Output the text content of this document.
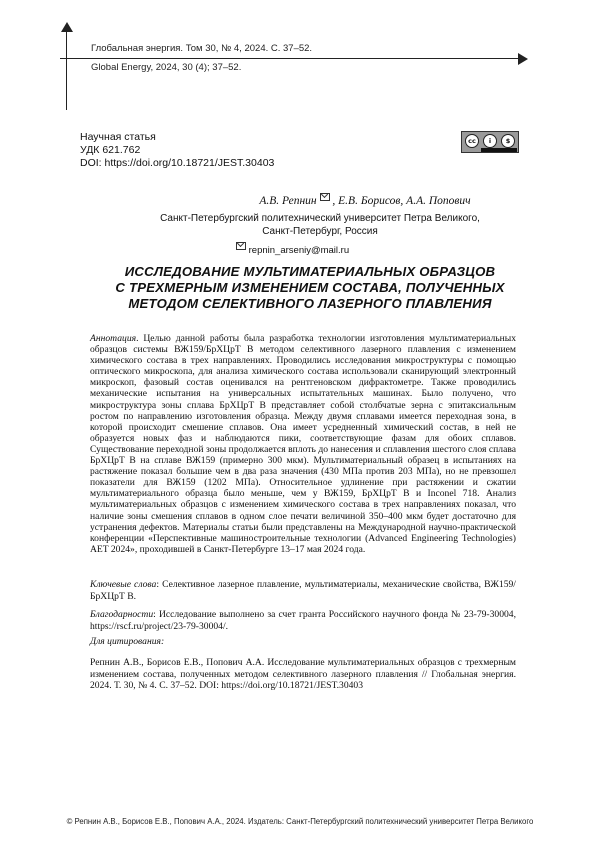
Глобальная энергия. Том 30, № 4, 2024. С. 37–52.
Global Energy, 2024, 30 (4); 37–52.
Научная статья
УДК 621.762
DOI: https://doi.org/10.18721/JEST.30403
cc	i	$
А.В. Репнин , Е.В. Борисов, А.А. Попович
Санкт-Петербургский политехнический университет Петра Великого,
Санкт-Петербург, Россия
repnin_arseniy@mail.ru
ИССЛЕДОВАНИЕ МУЛЬТИМАТЕРИАЛЬНЫХ ОБРАЗЦОВ
С ТРЕХМЕРНЫМ ИЗМЕНЕНИЕМ СОСТАВА, ПОЛУЧЕННЫХ
МЕТОДОМ СЕЛЕКТИВНОГО ЛАЗЕРНОГО ПЛАВЛЕНИЯ
Аннотация. Целью данной работы была разработка технологии изготовления мультиматериальных образцов системы ВЖ159/БрХЦрТ В методом селективного лазерного плавления с изменением химического состава в трех направлениях. Проводились исследования микроструктуры с помощью оптического микроскопа, для анализа химического состава использовали сканирующий электронный микроскоп, фазовый состав оценивался на рентгеновском дифрактометре. Также проводились механические испытания на универсальных испытательных машинах. Было получено, что микроструктура зоны сплава БрХЦрТ В представляет собой столбчатые зерна с эпитаксиальным ростом по направлению изготовления образца. Между двумя сплавами имеется переходная зона, в которой происходит смешение сплавов. Она имеет усредненный химический состав, в ней не образуется новых фаз и наблюдаются пики, соответствующие фазам для обоих сплавов. Существование переходной зоны продолжается вплоть до нанесения и сплавления шестого слоя сплава БрХЦрТ В на сплаве ВЖ159 (примерно 300 мкм). Мультиматериальный образец в испытаниях на растяжение показал большие чем в два раза значения (430 МПа против 203 МПа), но не превзошел показатели для ВЖ159 (1202 МПа). Относительное удлинение при растяжении и сжатии мультиматериального образца было меньше, чем у ВЖ159, БрХЦрТ В и Inconel 718. Анализ мультиматериальных образцов с изменением химического состава в трех направлениях показал, что наличие зоны смешения сплавов в одном слое печати величиной 350–400 мкм будет достаточно для устранения дефектов. Материалы статьи были представлены на Международной научно-практической конференции «Перспективные машиностроительные технологии (Advanced Engineering Technologies) AET 2024», проходившей в Санкт-Петербурге 13–17 мая 2024 года.
Ключевые слова: Селективное лазерное плавление, мультиматериалы, механические свойства, ВЖ159/БрХЦрТ В.
Благодарности: Исследование выполнено за счет гранта Российского научного фонда № 23-79-30004, https://rscf.ru/project/23-79-30004/.
Для цитирования:
Репнин А.В., Борисов Е.В., Попович А.А. Исследование мультиматериальных образцов с трехмерным изменением состава, полученных методом селективного лазерного плавления // Глобальная энергия. 2024. Т. 30, № 4. С. 37–52. DOI: https://doi.org/10.18721/JEST.30403
© Репнин А.В., Борисов Е.В., Попович А.А., 2024. Издатель: Санкт-Петербургский политехнический университет Петра Великого
